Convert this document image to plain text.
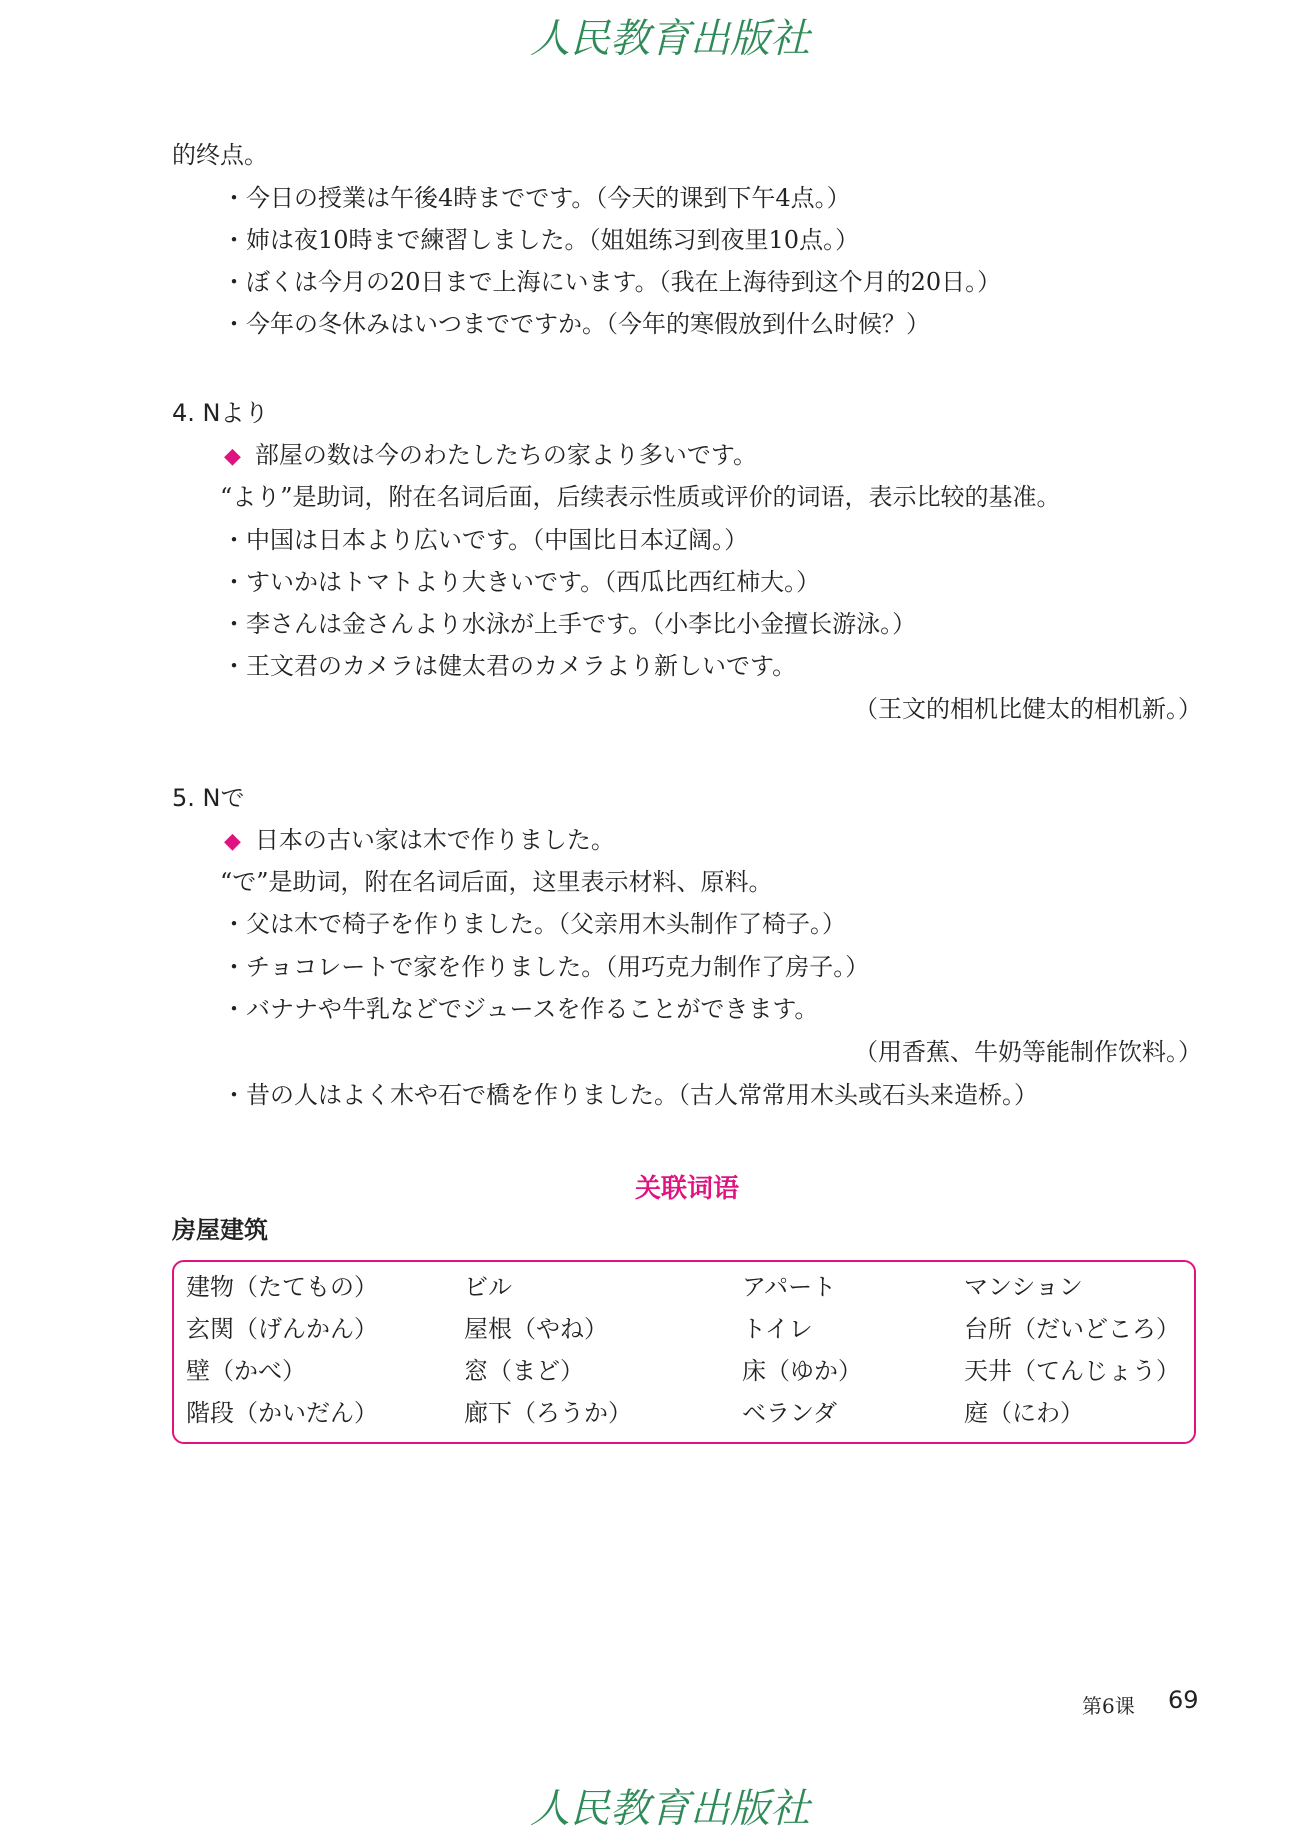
人民教育出版社
人民教育出版社
的终点。
・今日の授業は午後4時までです。（今天的课到下午4点。）
・姉は夜10時まで練習しました。（姐姐练习到夜里10点。）
・ぼくは今月の20日まで上海にいます。（我在上海待到这个月的20日。）
・今年の冬休みはいつまでですか。（今年的寒假放到什么时候？）
4. Nより
◆ 部屋の数は今のわたしたちの家より多いです。
“より”是助词，附在名词后面，后续表示性质或评价的词语，表示比较的基准。
・中国は日本より広いです。（中国比日本辽阔。）
・すいかはトマトより大きいです。（西瓜比西红柿大。）
・李さんは金さんより水泳が上手です。（小李比小金擅长游泳。）
・王文君のカメラは健太君のカメラより新しいです。
（王文的相机比健太的相机新。）
5. Nで
◆ 日本の古い家は木で作りました。
“で”是助词，附在名词后面，这里表示材料、原料。
・父は木で椅子を作りました。（父亲用木头制作了椅子。）
・チョコレートで家を作りました。（用巧克力制作了房子。）
・バナナや牛乳などでジュースを作ることができます。
（用香蕉、牛奶等能制作饮料。）
・昔の人はよく木や石で橋を作りました。（古人常常用木头或石头来造桥。）
关联词语
房屋建筑
建物（たてもの）	ビル	アパート	マンション
玄関（げんかん）	屋根（やね）	トイレ	台所（だいどころ）
壁（かべ）	窓（まど）	床（ゆか）	天井（てんじょう）
階段（かいだん）	廊下（ろうか）	ベランダ	庭（にわ）
第6课 69
